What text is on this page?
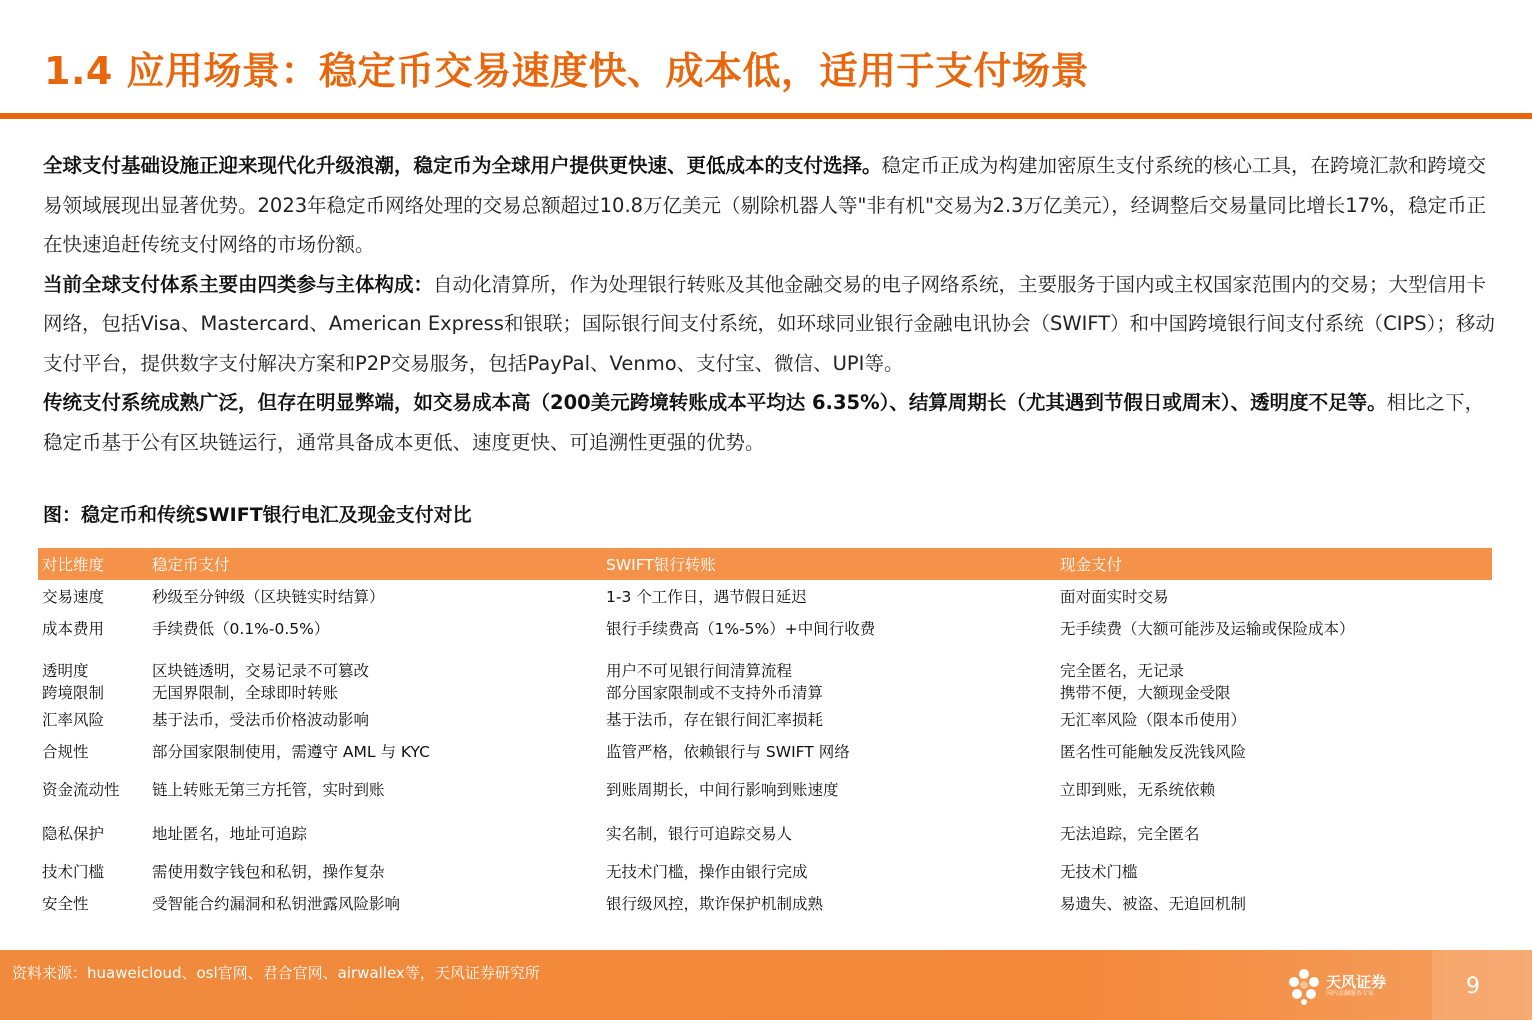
1.4 应用场景：稳定币交易速度快、成本低，适用于支付场景

全球支付基础设施正迎来现代化升级浪潮，稳定币为全球用户提供更快速、更低成本的支付选择。稳定币正成为构建加密原生支付系统的核心工具，在跨境汇款和跨境交易领域展现出显著优势。2023年稳定币网络处理的交易总额超过10.8万亿美元（剔除机器人等"非有机"交易为2.3万亿美元），经调整后交易量同比增长17%，稳定币正在快速追赶传统支付网络的市场份额。

当前全球支付体系主要由四类参与主体构成：自动化清算所，作为处理银行转账及其他金融交易的电子网络系统，主要服务于国内或主权国家范围内的交易；大型信用卡网络，包括Visa、Mastercard、American Express和银联；国际银行间支付系统，如环球同业银行金融电讯协会（SWIFT）和中国跨境银行间支付系统（CIPS）；移动支付平台，提供数字支付解决方案和P2P交易服务，包括PayPal、Venmo、支付宝、微信、UPI等。

传统支付系统成熟广泛，但存在明显弊端，如交易成本高（200美元跨境转账成本平均达 6.35%）、结算周期长（尤其遇到节假日或周末）、透明度不足等。相比之下，稳定币基于公有区块链运行，通常具备成本更低、速度更快、可追溯性更强的优势。

图：稳定币和传统SWIFT银行电汇及现金支付对比
对比维度	稳定币支付	SWIFT银行转账	现金支付
交易速度	秒级至分钟级（区块链实时结算）	1-3 个工作日，遇节假日延迟	面对面实时交易
成本费用	手续费低（0.1%-0.5%）	银行手续费高（1%-5%）+中间行收费	无手续费（大额可能涉及运输或保险成本）
透明度	区块链透明，交易记录不可篡改	用户不可见银行间清算流程	完全匿名，无记录
跨境限制	无国界限制，全球即时转账	部分国家限制或不支持外币清算	携带不便，大额现金受限
汇率风险	基于法币，受法币价格波动影响	基于法币，存在银行间汇率损耗	无汇率风险（限本币使用）
合规性	部分国家限制使用，需遵守 AML 与 KYC	监管严格，依赖银行与 SWIFT 网络	匿名性可能触发反洗钱风险
资金流动性	链上转账无第三方托管，实时到账	到账周期长，中间行影响到账速度	立即到账，无系统依赖
隐私保护	地址匿名，地址可追踪	实名制，银行可追踪交易人	无法追踪，完全匿名
技术门槛	需使用数字钱包和私钥，操作复杂	无技术门槛，操作由银行完成	无技术门槛
安全性	受智能合约漏洞和私钥泄露风险影响	银行级风控，欺诈保护机制成熟	易遗失、被盗、无追回机制
资料来源：huaweicloud、osl官网、君合官网、airwallex等，天风证券研究所	天风证券
国内金融服务专家	9
